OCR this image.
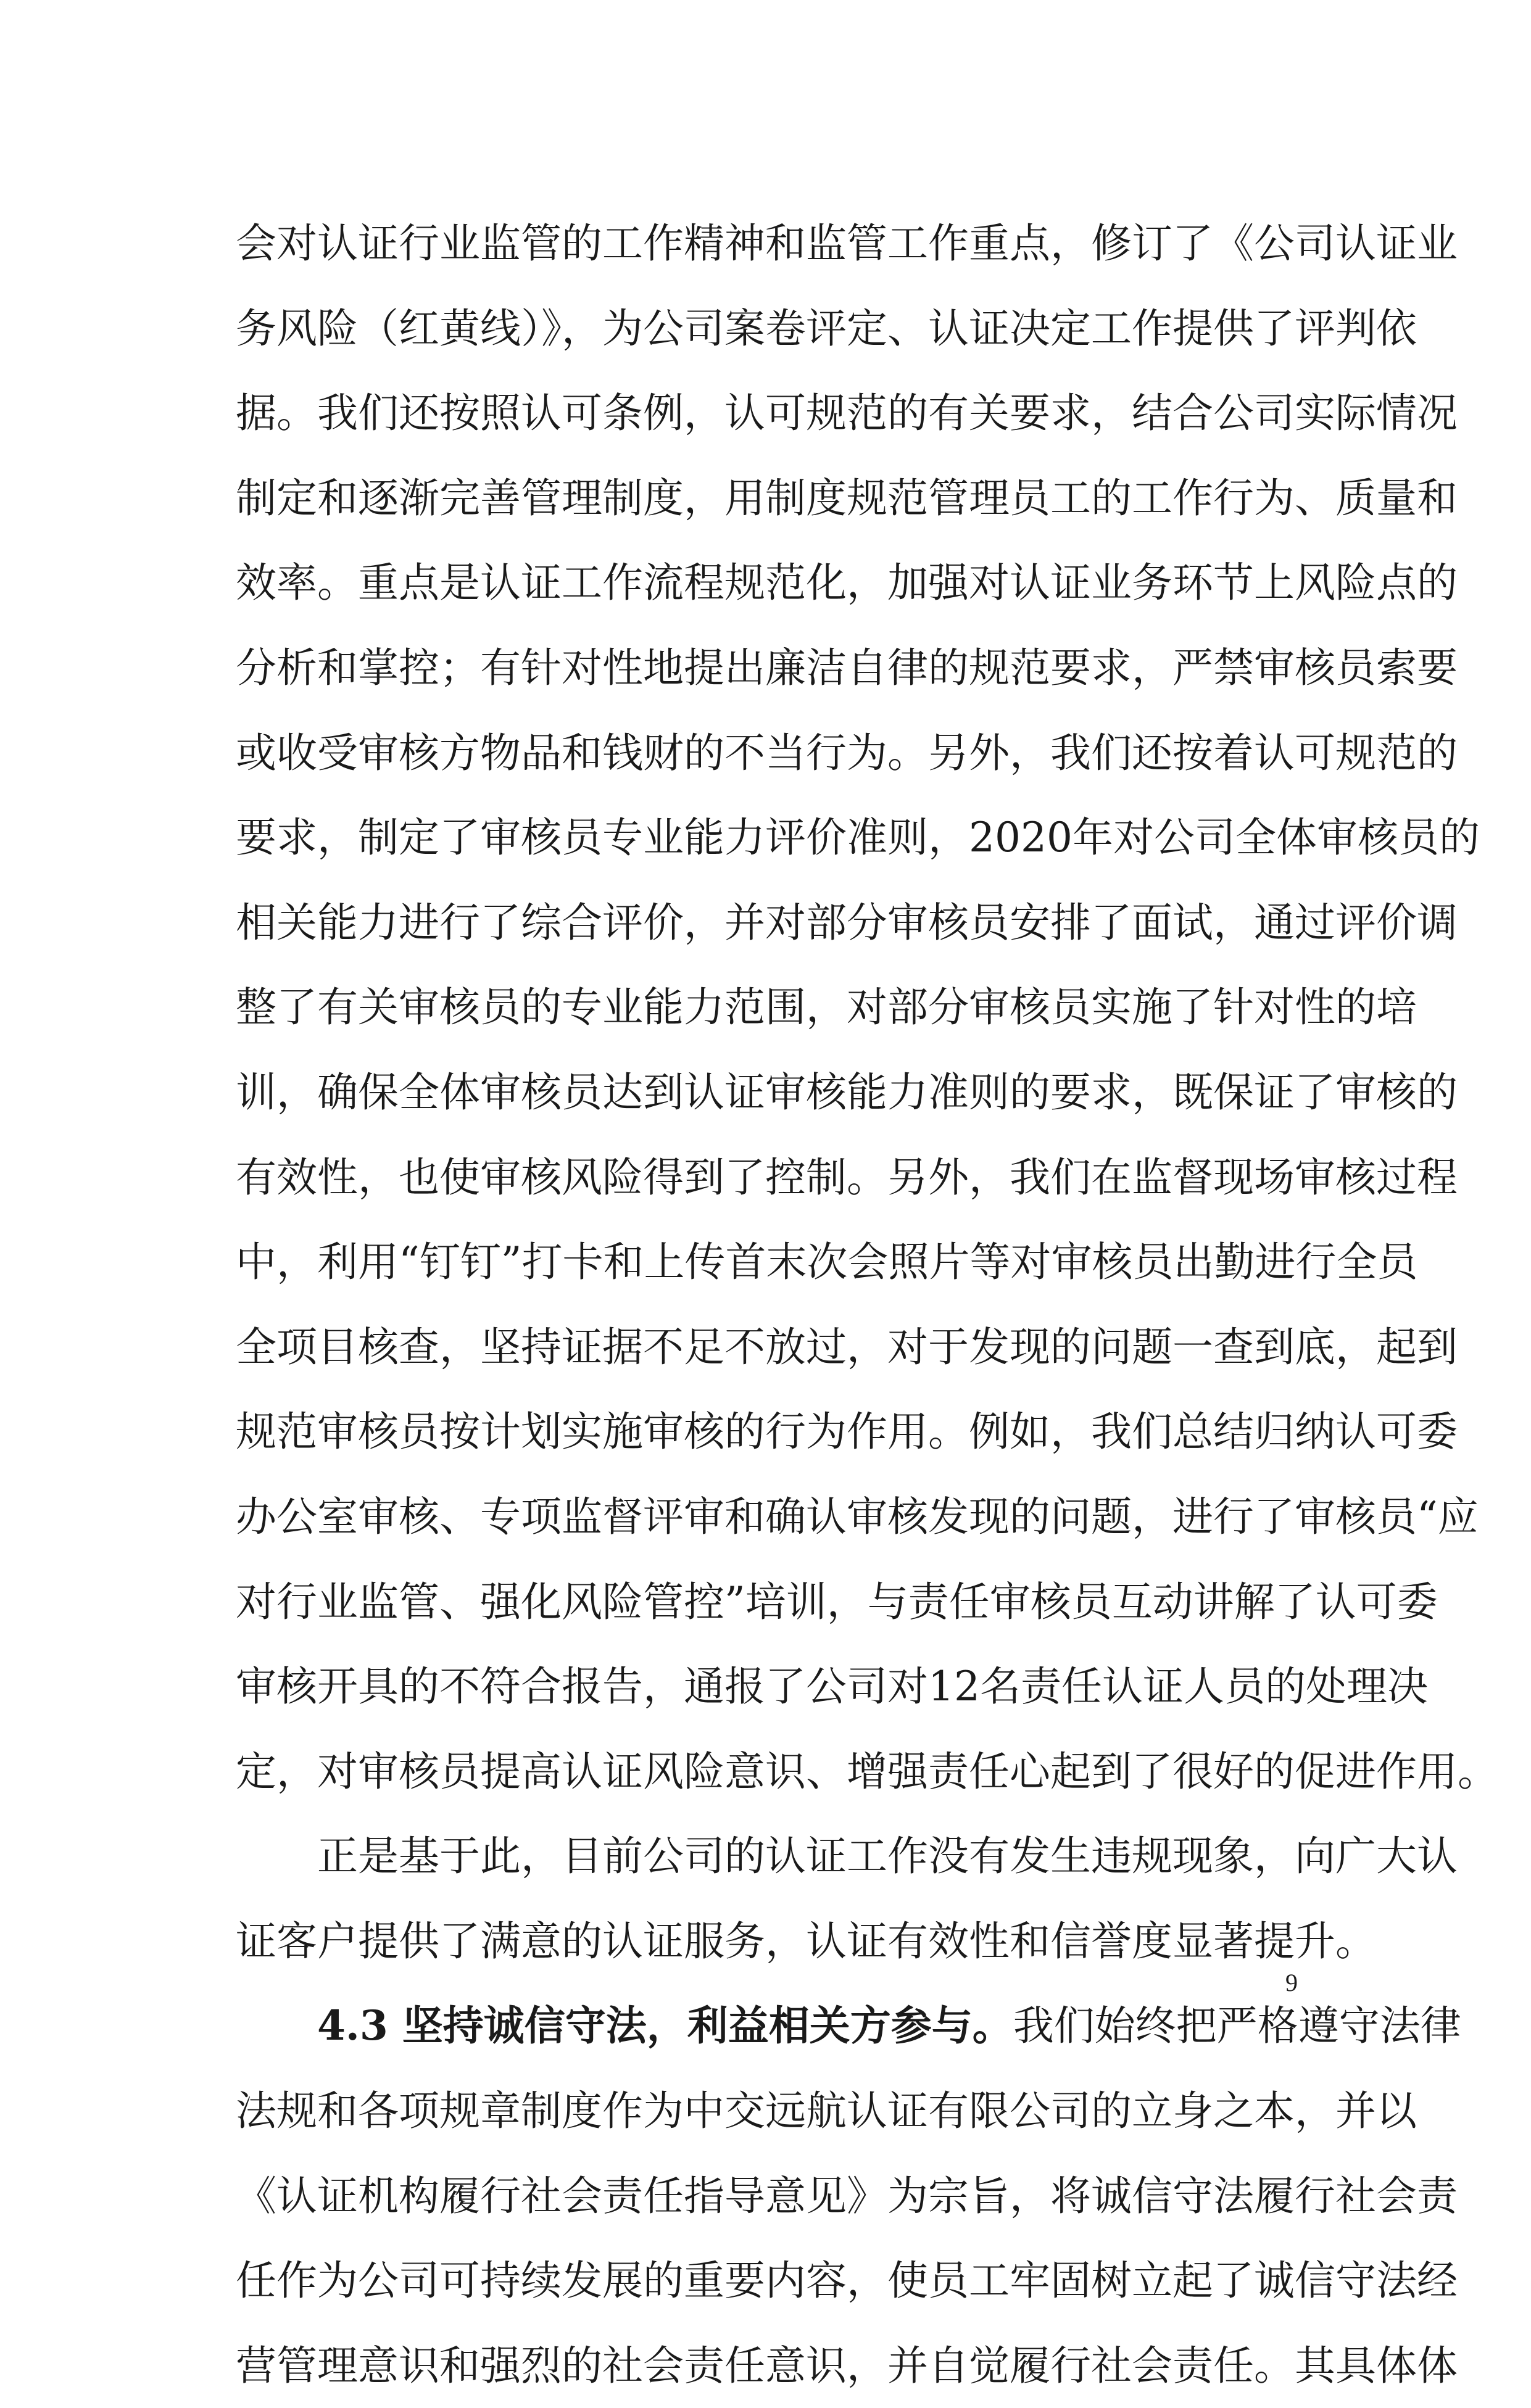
会对认证行业监管的工作精神和监管工作重点，修订了《公司认证业
务风险（红黄线）》，为公司案卷评定、认证决定工作提供了评判依
据。我们还按照认可条例，认可规范的有关要求，结合公司实际情况
制定和逐渐完善管理制度，用制度规范管理员工的工作行为、质量和
效率。重点是认证工作流程规范化，加强对认证业务环节上风险点的
分析和掌控；有针对性地提出廉洁自律的规范要求，严禁审核员索要
或收受审核方物品和钱财的不当行为。另外，我们还按着认可规范的
要求，制定了审核员专业能力评价准则，2020年对公司全体审核员的
相关能力进行了综合评价，并对部分审核员安排了面试，通过评价调
整了有关审核员的专业能力范围，对部分审核员实施了针对性的培
训，确保全体审核员达到认证审核能力准则的要求，既保证了审核的
有效性，也使审核风险得到了控制。另外，我们在监督现场审核过程
中，利用“钉钉”打卡和上传首末次会照片等对审核员出勤进行全员
全项目核查，坚持证据不足不放过，对于发现的问题一查到底，起到
规范审核员按计划实施审核的行为作用。例如，我们总结归纳认可委
办公室审核、专项监督评审和确认审核发现的问题，进行了审核员“应
对行业监管、强化风险管控”培训，与责任审核员互动讲解了认可委
审核开具的不符合报告，通报了公司对12名责任认证人员的处理决
定，对审核员提高认证风险意识、增强责任心起到了很好的促进作用。
正是基于此，目前公司的认证工作没有发生违规现象，向广大认
证客户提供了满意的认证服务，认证有效性和信誉度显著提升。
4.3 坚持诚信守法，利益相关方参与。我们始终把严格遵守法律
法规和各项规章制度作为中交远航认证有限公司的立身之本，并以
《认证机构履行社会责任指导意见》为宗旨，将诚信守法履行社会责
任作为公司可持续发展的重要内容，使员工牢固树立起了诚信守法经
营管理意识和强烈的社会责任意识，并自觉履行社会责任。其具体体
9
